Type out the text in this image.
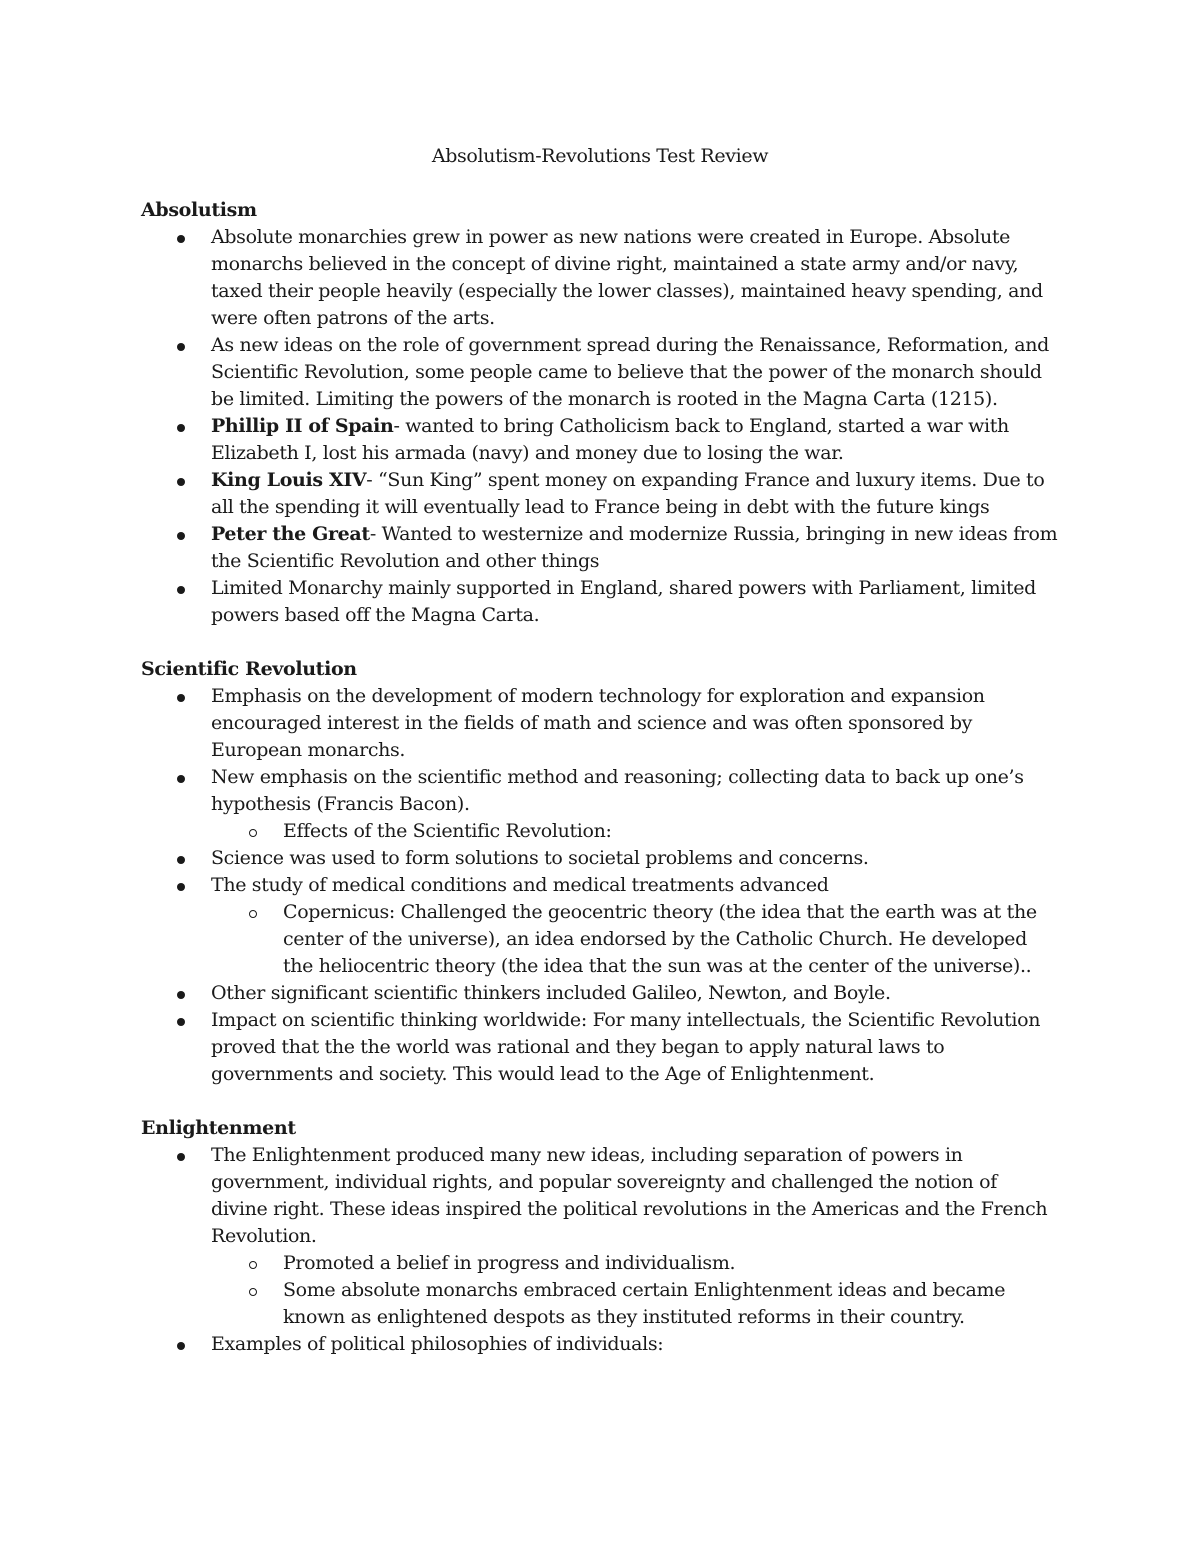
Absolutism-Revolutions Test Review
Absolutism
Absolute monarchies grew in power as new nations were created in Europe. Absolute monarchs believed in the concept of divine right, maintained a state army and/or navy, taxed their people heavily (especially the lower classes), maintained heavy spending, and were often patrons of the arts.
As new ideas on the role of government spread during the Renaissance, Reformation, and Scientific Revolution, some people came to believe that the power of the monarch should be limited. Limiting the powers of the monarch is rooted in the Magna Carta (1215).
Phillip II of Spain- wanted to bring Catholicism back to England, started a war with Elizabeth I, lost his armada (navy) and money due to losing the war.
King Louis XIV- “Sun King” spent money on expanding France and luxury items. Due to all the spending it will eventually lead to France being in debt with the future kings
Peter the Great- Wanted to westernize and modernize Russia, bringing in new ideas from the Scientific Revolution and other things
Limited Monarchy mainly supported in England, shared powers with Parliament, limited powers based off the Magna Carta.
Scientific Revolution
Emphasis on the development of modern technology for exploration and expansion encouraged interest in the fields of math and science and was often sponsored by European monarchs.
New emphasis on the scientific method and reasoning; collecting data to back up one’s hypothesis (Francis Bacon).
Effects of the Scientific Revolution:
Science was used to form solutions to societal problems and concerns.
The study of medical conditions and medical treatments advanced
Copernicus: Challenged the geocentric theory (the idea that the earth was at the center of the universe), an idea endorsed by the Catholic Church. He developed the heliocentric theory (the idea that the sun was at the center of the universe)..
Other significant scientific thinkers included Galileo, Newton, and Boyle.
Impact on scientific thinking worldwide: For many intellectuals, the Scientific Revolution proved that the the world was rational and they began to apply natural laws to governments and society. This would lead to the Age of Enlightenment.
Enlightenment
The Enlightenment produced many new ideas, including separation of powers in government, individual rights, and popular sovereignty and challenged the notion of divine right. These ideas inspired the political revolutions in the Americas and the French Revolution.
Promoted a belief in progress and individualism.
Some absolute monarchs embraced certain Enlightenment ideas and became known as enlightened despots as they instituted reforms in their country.
Examples of political philosophies of individuals:
